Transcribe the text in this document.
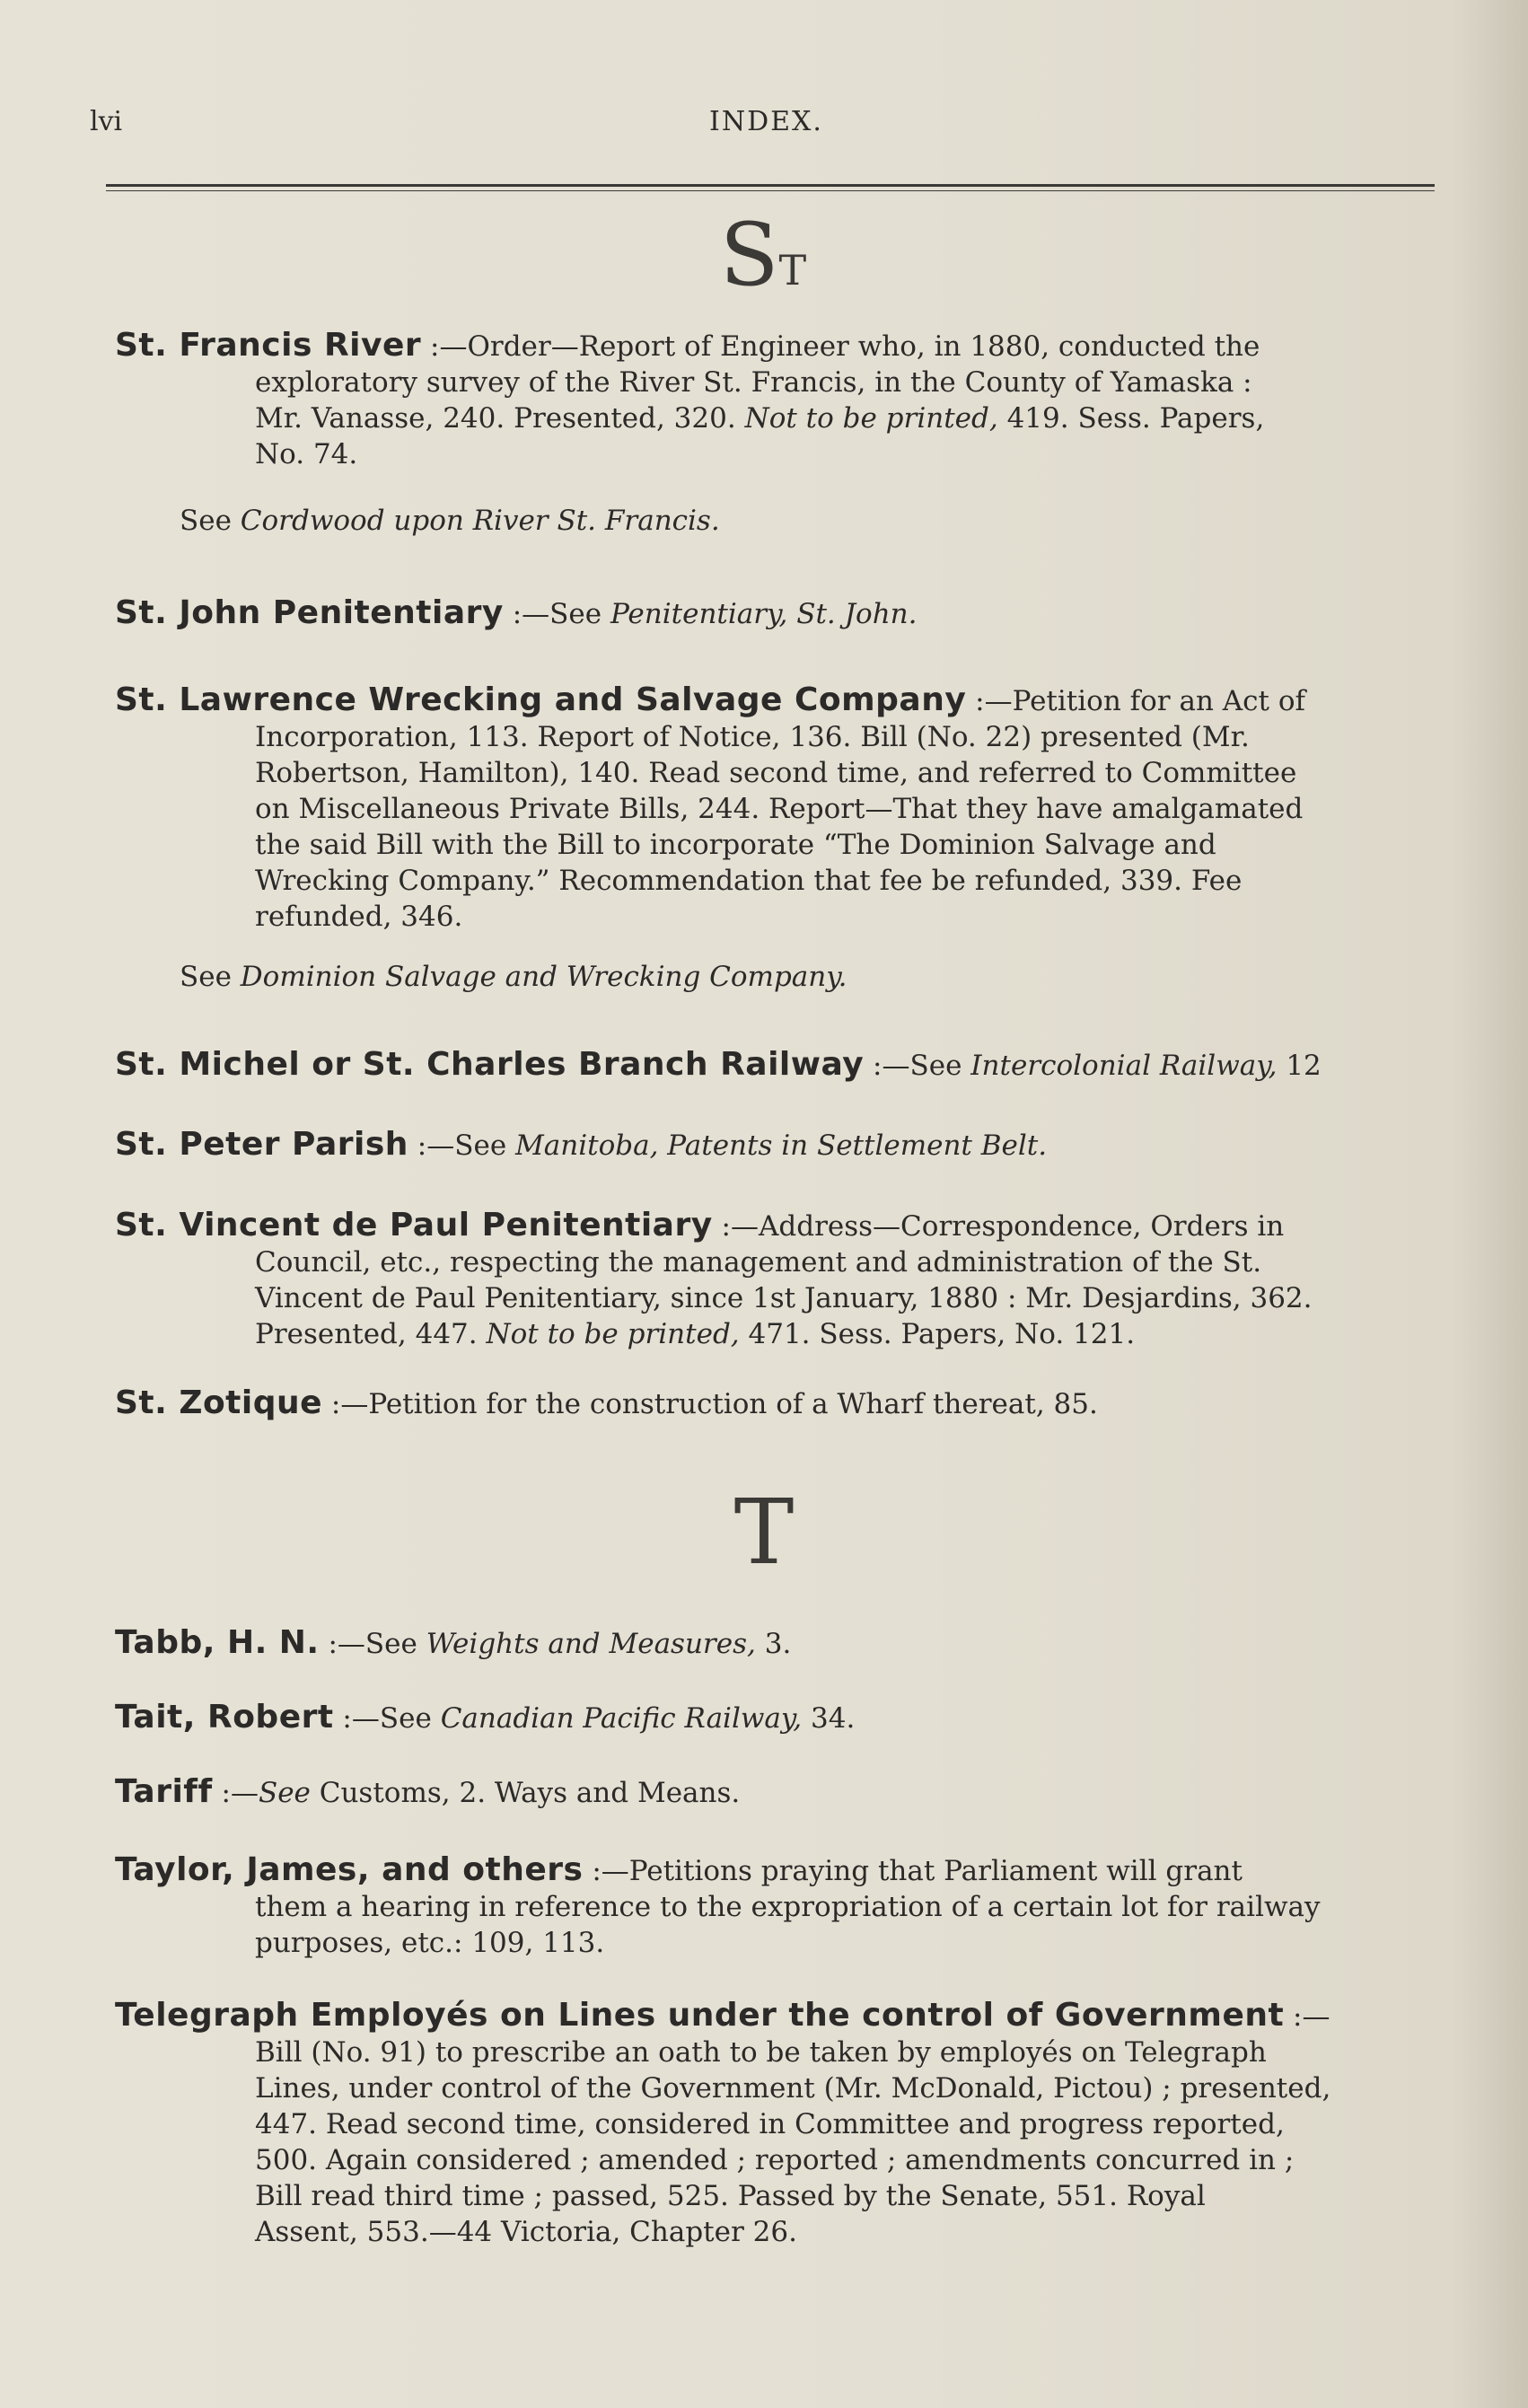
lvi	INDEX.
ST
St. Francis River :—Order—Report of Engineer who, in 1880, conducted the
exploratory survey of the River St. Francis, in the County of Yamaska :
Mr. Vanasse, 240. Presented, 320. Not to be printed, 419. Sess. Papers,
No. 74.
See Cordwood upon River St. Francis.
St. John Penitentiary :—See Penitentiary, St. John.
St. Lawrence Wrecking and Salvage Company :—Petition for an Act of
Incorporation, 113. Report of Notice, 136. Bill (No. 22) presented (Mr.
Robertson, Hamilton), 140. Read second time, and referred to Committee
on Miscellaneous Private Bills, 244. Report—That they have amalgamated
the said Bill with the Bill to incorporate “The Dominion Salvage and
Wrecking Company.” Recommendation that fee be refunded, 339. Fee
refunded, 346.
See Dominion Salvage and Wrecking Company.
St. Michel or St. Charles Branch Railway :—See Intercolonial Railway, 12
St. Peter Parish :—See Manitoba, Patents in Settlement Belt.
St. Vincent de Paul Penitentiary :—Address—Correspondence, Orders in
Council, etc., respecting the management and administration of the St.
Vincent de Paul Penitentiary, since 1st January, 1880 : Mr. Desjardins, 362.
Presented, 447. Not to be printed, 471. Sess. Papers, No. 121.
St. Zotique :—Petition for the construction of a Wharf thereat, 85.
T
Tabb, H. N. :—See Weights and Measures, 3.
Tait, Robert :—See Canadian Pacific Railway, 34.
Tariff :—See Customs, 2. Ways and Means.
Taylor, James, and others :—Petitions praying that Parliament will grant
them a hearing in reference to the expropriation of a certain lot for railway
purposes, etc.: 109, 113.
Telegraph Employés on Lines under the control of Government :—
Bill (No. 91) to prescribe an oath to be taken by employés on Telegraph
Lines, under control of the Government (Mr. McDonald, Pictou) ; presented,
447. Read second time, considered in Committee and progress reported,
500. Again considered ; amended ; reported ; amendments concurred in ;
Bill read third time ; passed, 525. Passed by the Senate, 551. Royal
Assent, 553.—44 Victoria, Chapter 26.
